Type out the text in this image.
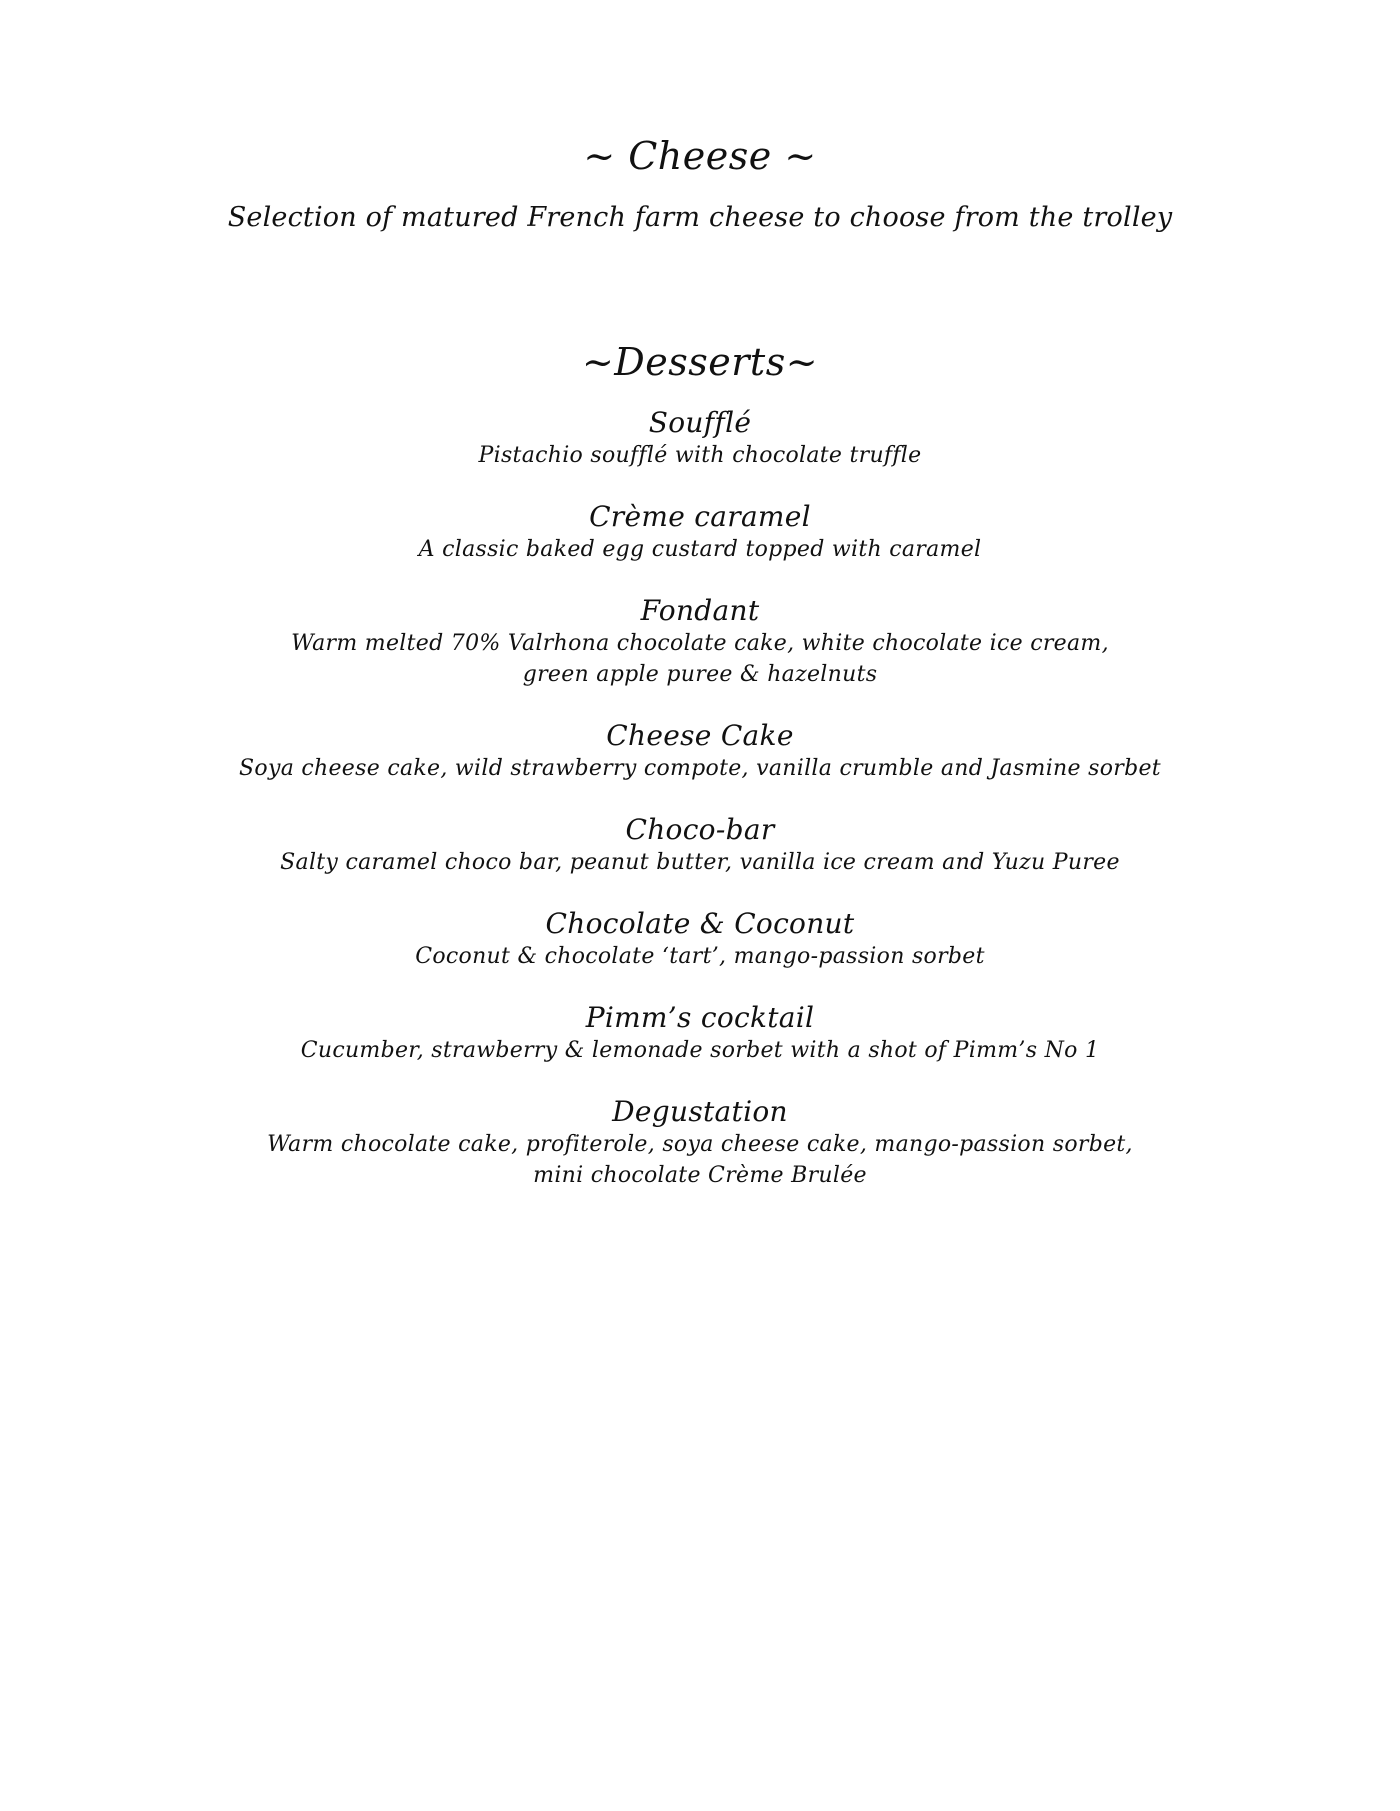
~ Cheese ~
Selection of matured French farm cheese to choose from the trolley
~Desserts~
Soufflé
Pistachio soufflé with chocolate truffle
Crème caramel
A classic baked egg custard topped with caramel
Fondant
Warm melted 70% Valrhona chocolate cake, white chocolate ice cream,
green apple puree & hazelnuts
Cheese Cake
Soya cheese cake, wild strawberry compote, vanilla crumble and Jasmine sorbet
Choco-bar
Salty caramel choco bar, peanut butter, vanilla ice cream and Yuzu Puree
Chocolate & Coconut
Coconut & chocolate ‘tart’, mango-passion sorbet
Pimm’s cocktail
Cucumber, strawberry & lemonade sorbet with a shot of Pimm’s No 1
Degustation
Warm chocolate cake, profiterole, soya cheese cake, mango-passion sorbet,
mini chocolate Crème Brulée
